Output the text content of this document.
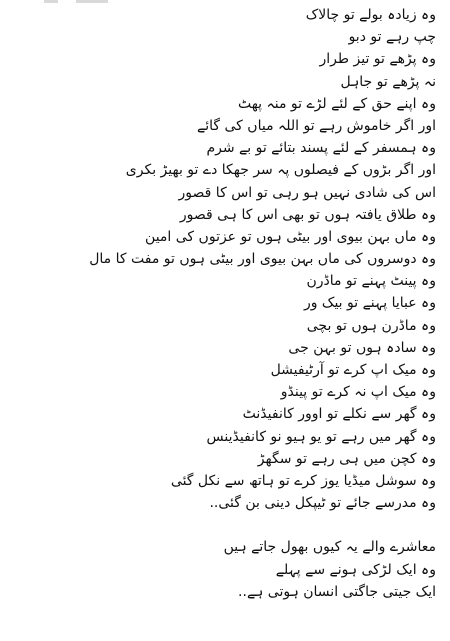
وہ زیادہ بولے تو چالاک
چپ رہے تو دبو
وہ پڑھے تو تیز طرار
نہ پڑھے تو جاہل
وہ اپنے حق کے لئے لڑے تو منہ پھٹ
اور اگر خاموش رہے تو اللہ میاں کی گائے
وہ ہمسفر کے لئے پسند بتائے تو بے شرم
اور اگر بڑوں کے فیصلوں پہ سر جھکا دے تو بھیڑ بکری
اس کی شادی نہیں ہو رہی تو اس کا قصور
وہ طلاق یافتہ ہوں تو بھی اس کا ہی قصور
وہ ماں بہن بیوی اور بیٹی ہوں تو عزتوں کی امین
وہ دوسروں کی ماں بہن بیوی اور بیٹی ہوں تو مفت کا مال
وہ پینٹ پہنے تو ماڈرن
وہ عبایا پہنے تو بیک ور
وہ ماڈرن ہوں تو بچی
وہ سادہ ہوں تو بہن جی
وہ میک اپ کرے تو آرٹیفیشل
وہ میک اپ نہ کرے تو پینڈو
وہ گھر سے نکلے تو اوور کانفیڈنٹ
وہ گھر میں رہے تو یو ہیو نو کانفیڈینس
وہ کچن میں ہی رہے تو سگھڑ
وہ سوشل میڈیا یوز کرے تو ہاتھ سے نکل گئی
وہ مدرسے جائے تو ٹیپکل دینی بن گئی..
معاشرے والے یہ کیوں بھول جاتے ہیں
وہ ایک لڑکی ہونے سے پہلے
ایک جیتی جاگتی انسان ہوتی ہے..
